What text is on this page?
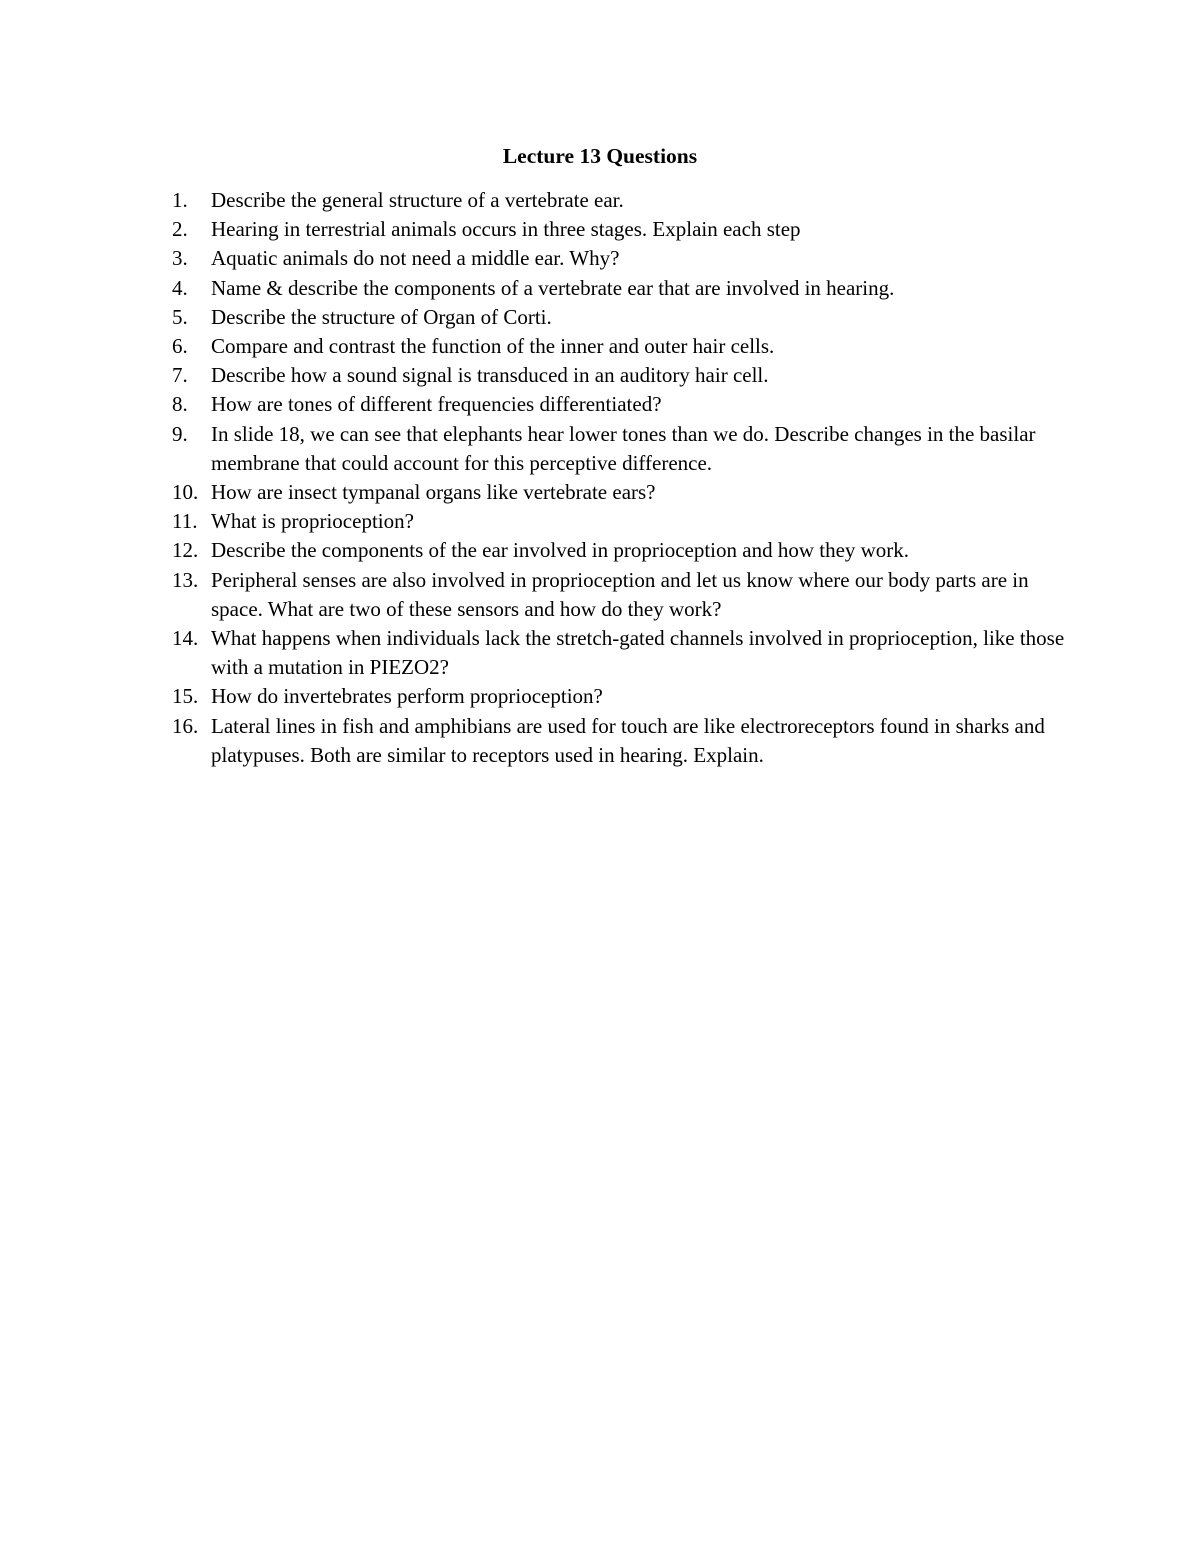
Lecture 13 Questions
1.	Describe the general structure of a vertebrate ear.
2.	Hearing in terrestrial animals occurs in three stages. Explain each step
3.	Aquatic animals do not need a middle ear. Why?
4.	Name & describe the components of a vertebrate ear that are involved in hearing.
5.	Describe the structure of Organ of Corti.
6.	Compare and contrast the function of the inner and outer hair cells.
7.	Describe how a sound signal is transduced in an auditory hair cell.
8.	How are tones of different frequencies differentiated?
9.	In slide 18, we can see that elephants hear lower tones than we do. Describe changes in the basilar membrane that could account for this perceptive difference.
10. How are insect tympanal organs like vertebrate ears?
11. What is proprioception?
12. Describe the components of the ear involved in proprioception and how they work.
13. Peripheral senses are also involved in proprioception and let us know where our body parts are in space. What are two of these sensors and how do they work?
14. What happens when individuals lack the stretch-gated channels involved in proprioception, like those with a mutation in PIEZO2?
15. How do invertebrates perform proprioception?
16. Lateral lines in fish and amphibians are used for touch are like electroreceptors found in sharks and platypuses. Both are similar to receptors used in hearing. Explain.
